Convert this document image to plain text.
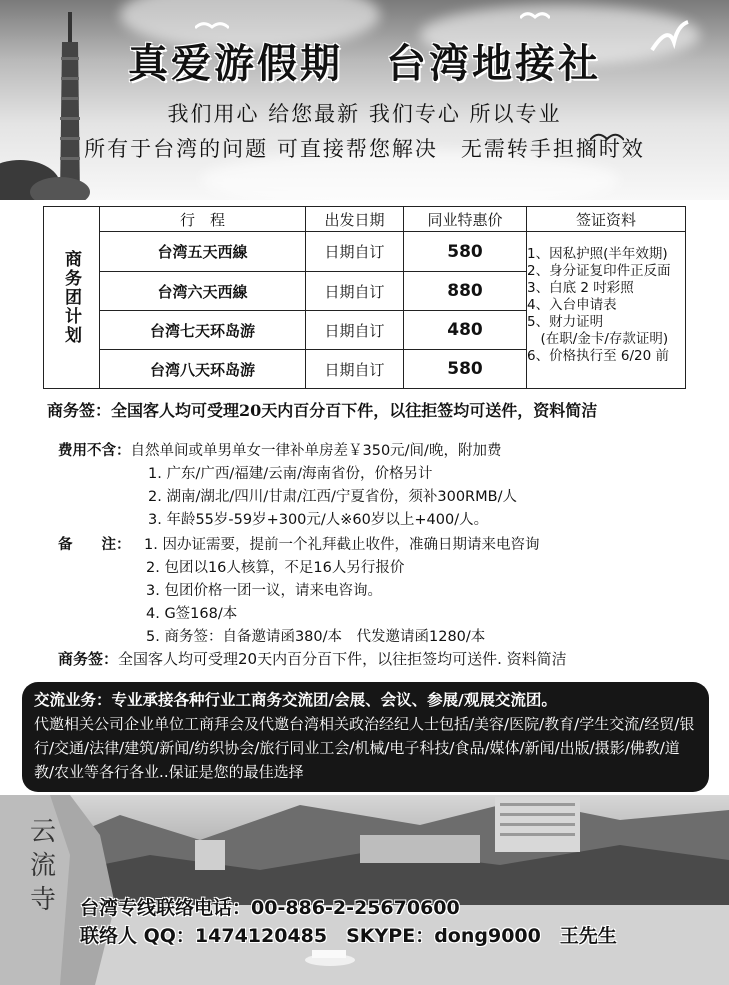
真爱游假期　台湾地接社
我们用心 给您最新 我们专心 所以专业
所有于台湾的问题 可直接帮您解决　无需转手担搁时效
商务团计划
行　程	出发日期	同业特惠价
台湾五天西線	日期自订	580
台湾六天西線	日期自订	880
台湾七天环岛游	日期自订	480
台湾八天环岛游	日期自订	580
签证资料
1、因私护照(半年效期)
2、身分证复印件正反面
3、白底 2 吋彩照
4、入台申请表
5、财力证明
　(在职/金卡/存款证明)
6、价格执行至 6/20 前
商务签：全国客人均可受理20天内百分百下件，以往拒签均可送件，资料简洁
费用不含：自然单间或单男单女一律补单房差￥350元/间/晚，附加费
1. 广东/广西/福建/云南/海南省份，价格另计
2. 湖南/湖北/四川/甘肃/江西/宁夏省份，须补300RMB/人
3. 年龄55岁-59岁+300元/人※60岁以上+400/人。
备　　注： 1. 因办证需要，提前一个礼拜截止收件，准确日期请来电咨询
2. 包团以16人核算，不足16人另行报价
3. 包团价格一团一议，请来电咨询。
4. G签168/本
5. 商务签：自备邀请函380/本　代发邀请函1280/本
商务签：全国客人均可受理20天内百分百下件，以往拒签均可送件. 资料简洁
交流业务：专业承接各种行业工商务交流团/会展、会议、参展/观展交流团。
代邀相关公司企业单位工商拜会及代邀台湾相关政治经纪人士包括/美容/医院/教育/学生交流/经贸/银行/交通/法律/建筑/新闻/纺织协会/旅行同业工会/机械/电子科技/食品/媒体/新闻/出版/摄影/佛教/道教/农业等各行各业..保证是您的最佳选择
云 流 寺 台湾专线联络电话：00-886-2-25670600
联络人 QQ：1474120485　SKYPE：dong9000　王先生
